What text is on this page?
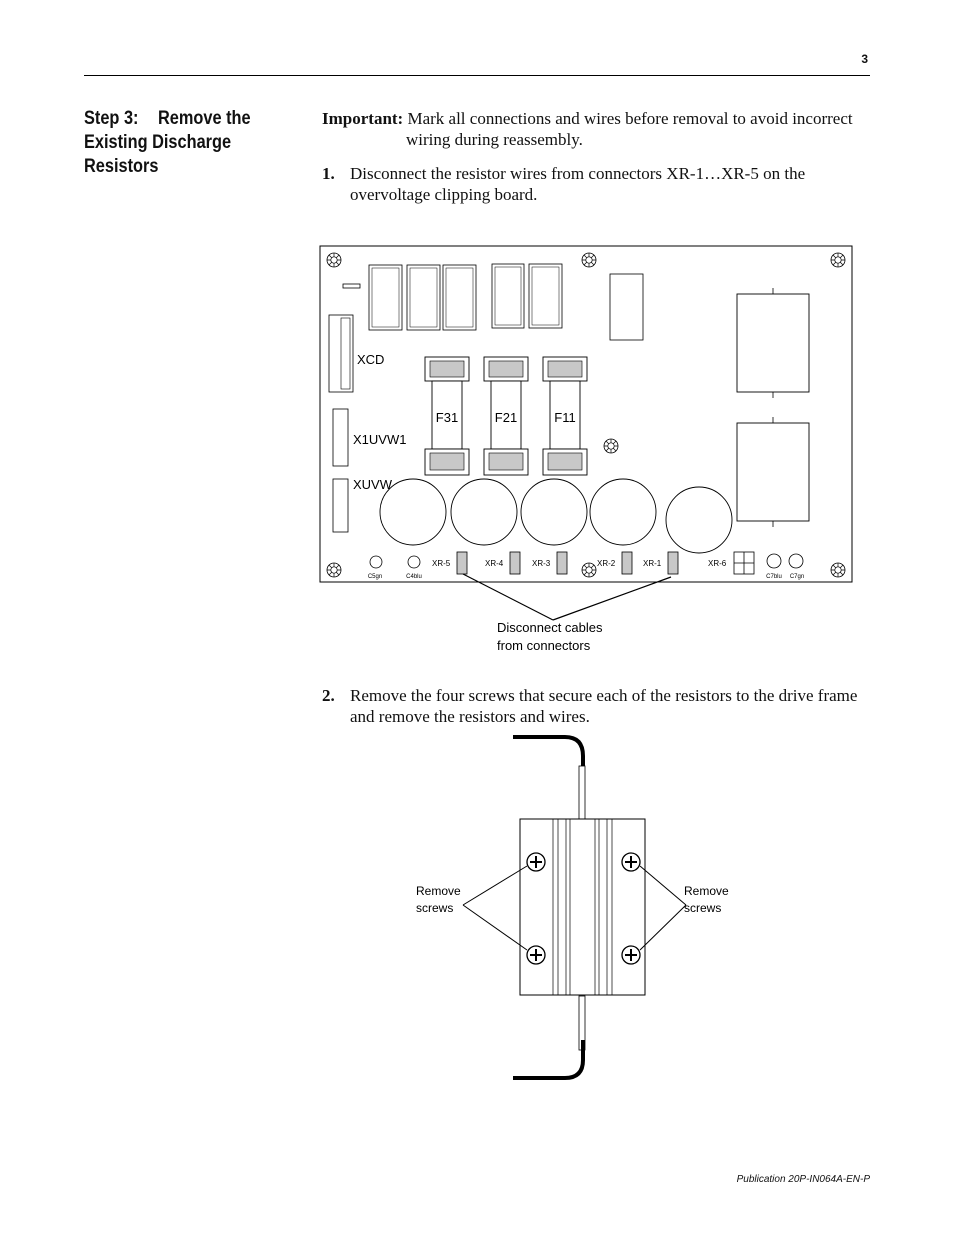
3
Step 3: Remove the
Existing Discharge Resistors
Important: Mark all connections and wires before removal to avoid incorrect
wiring during reassembly.
1. Disconnect the resistor wires from connectors XR-1…XR-5 on the overvoltage clipping board.
XCD
X1UVW1
XUVW
F31	F21	F11
C5gn	C4blu	C7blu C7gn
XR-5	XR-4	XR-3	XR-2	XR-1	XR-6
Disconnect cables
from connectors
2. Remove the four screws that secure each of the resistors to the drive frame and remove the resistors and wires.
Remove
screws
Remove
screws
Publication 20P-IN064A-EN-P
